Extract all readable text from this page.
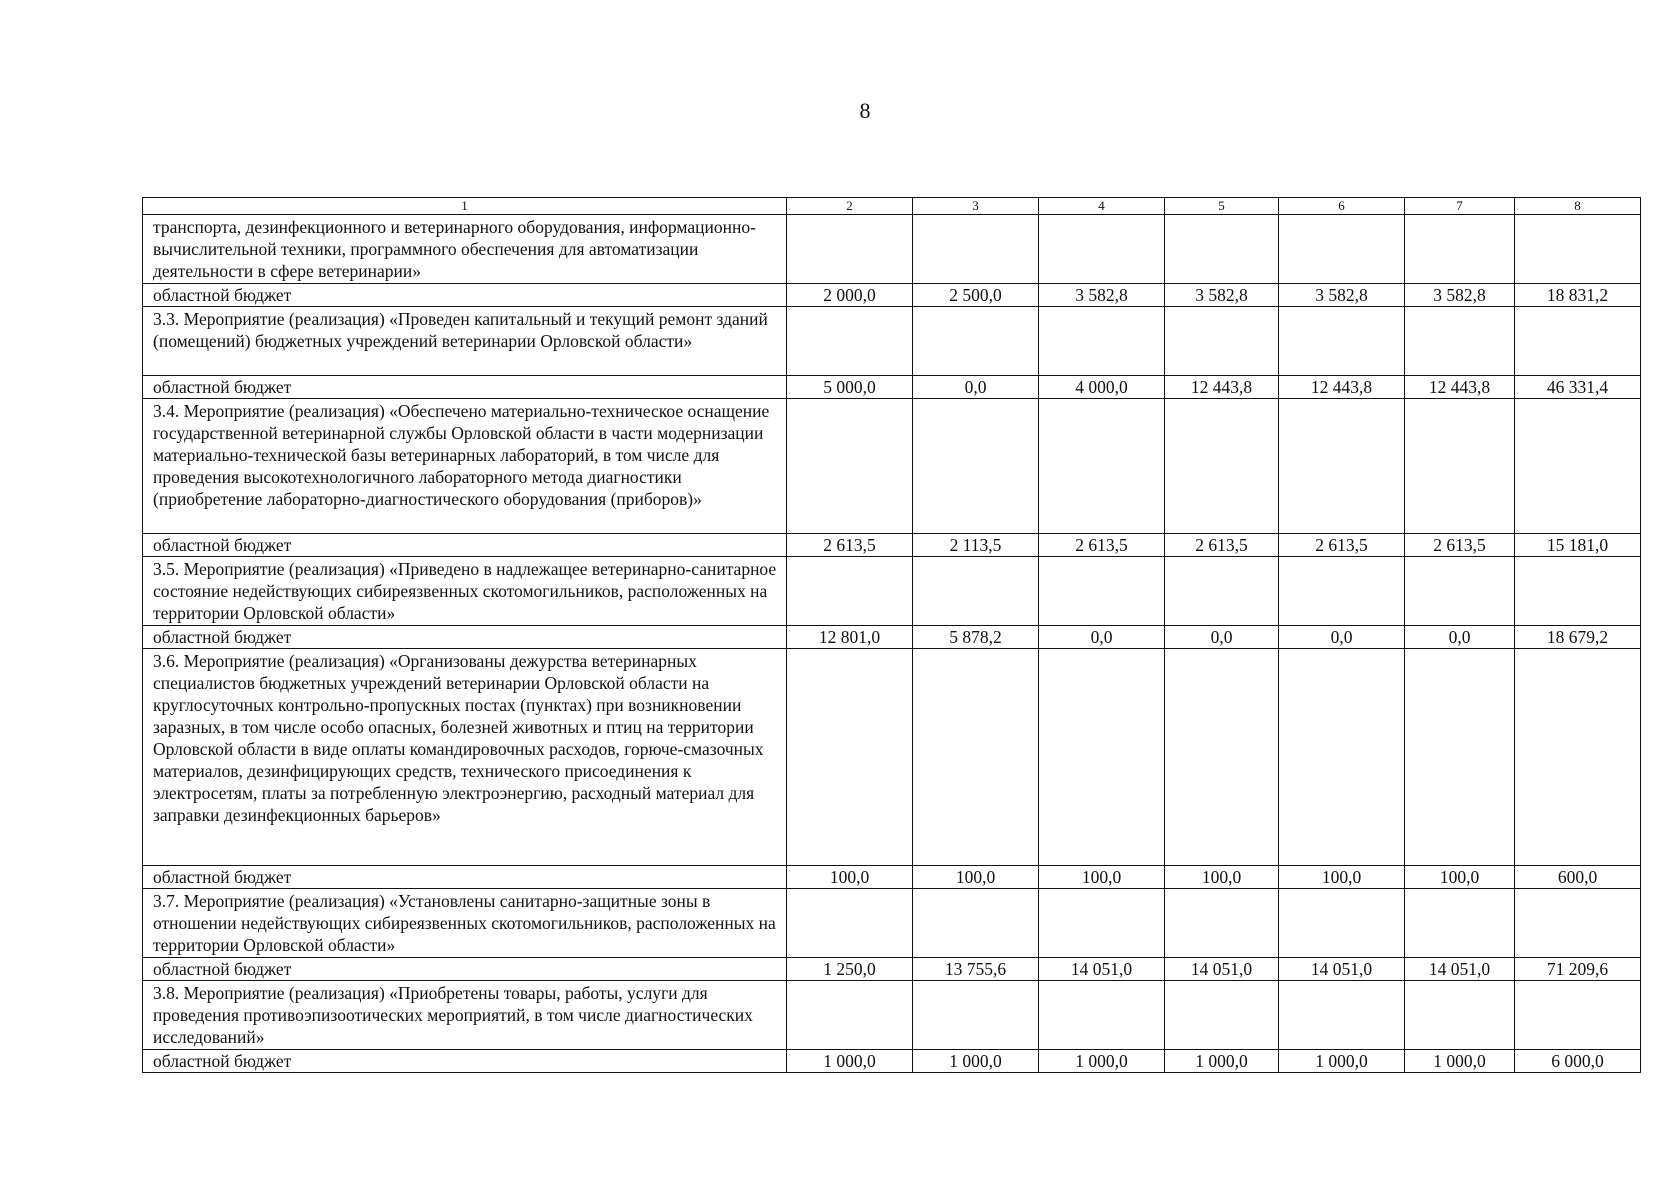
8
1	2	3	4	5	6	7	8
транспорта, дезинфекционного и ветеринарного оборудования, информационно-вычислительной техники, программного обеспечения для автоматизации деятельности в сфере ветеринарии»							
областной бюджет	2 000,0	2 500,0	3 582,8	3 582,8	3 582,8	3 582,8	18 831,2
3.3. Мероприятие (реализация) «Проведен капитальный и текущий ремонт зданий (помещений) бюджетных учреждений ветеринарии Орловской области»							
областной бюджет	5 000,0	0,0	4 000,0	12 443,8	12 443,8	12 443,8	46 331,4
3.4. Мероприятие (реализация) «Обеспечено материально-техническое оснащение государственной ветеринарной службы Орловской области в части модернизации материально-технической базы ветеринарных лабораторий, в том числе для проведения высокотехнологичного лабораторного метода диагностики (приобретение лабораторно-диагностического оборудования (приборов)»							
областной бюджет	2 613,5	2 113,5	2 613,5	2 613,5	2 613,5	2 613,5	15 181,0
3.5. Мероприятие (реализация) «Приведено в надлежащее ветеринарно-санитарное состояние недействующих сибиреязвенных скотомогильников, расположенных на территории Орловской области»							
областной бюджет	12 801,0	5 878,2	0,0	0,0	0,0	0,0	18 679,2
3.6. Мероприятие (реализация) «Организованы дежурства ветеринарных специалистов бюджетных учреждений ветеринарии Орловской области на круглосуточных контрольно-пропускных постах (пунктах) при возникновении заразных, в том числе особо опасных, болезней животных и птиц на территории Орловской области в виде оплаты командировочных расходов, горюче-смазочных материалов, дезинфицирующих средств, технического присоединения к электросетям, платы за потребленную электроэнергию, расходный материал для заправки дезинфекционных барьеров»							
областной бюджет	100,0	100,0	100,0	100,0	100,0	100,0	600,0
3.7. Мероприятие (реализация) «Установлены санитарно-защитные зоны в отношении недействующих сибиреязвенных скотомогильников, расположенных на территории Орловской области»							
областной бюджет	1 250,0	13 755,6	14 051,0	14 051,0	14 051,0	14 051,0	71 209,6
3.8. Мероприятие (реализация) «Приобретены товары, работы, услуги для проведения противоэпизоотических мероприятий, в том числе диагностических исследований»							
областной бюджет	1 000,0	1 000,0	1 000,0	1 000,0	1 000,0	1 000,0	6 000,0
